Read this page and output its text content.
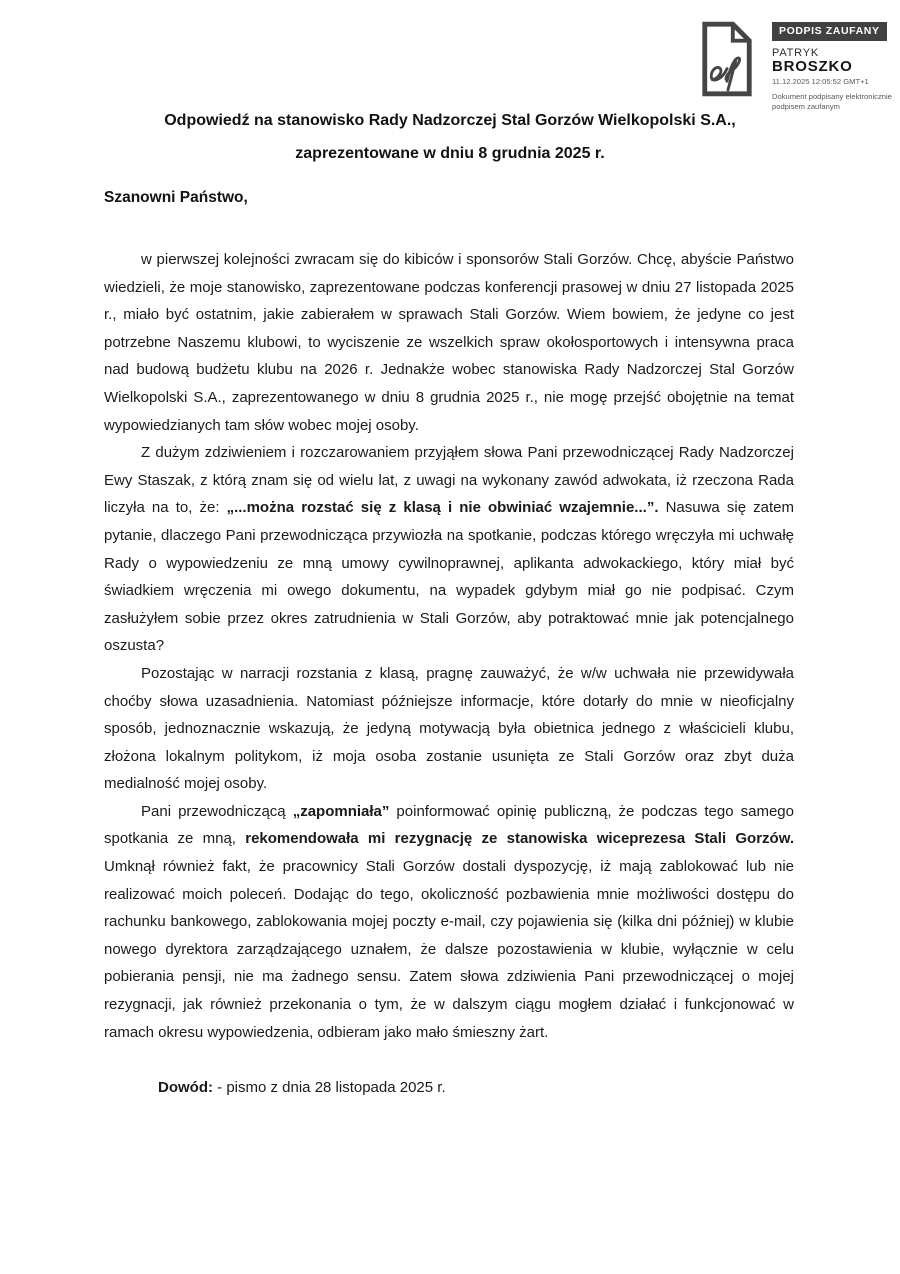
PODPIS ZAUFANY
PATRYK
BROSZKO
11.12.2025 12:05:52 GMT+1
Dokument podpisany elektronicznie
podpisem zaufanym
Odpowiedź na stanowisko Rady Nadzorczej Stal Gorzów Wielkopolski S.A.,
zaprezentowane w dniu 8 grudnia 2025 r.

Szanowni Państwo,

w pierwszej kolejności zwracam się do kibiców i sponsorów Stali Gorzów. Chcę, abyście Państwo wiedzieli, że moje stanowisko, zaprezentowane podczas konferencji prasowej w dniu 27 listopada 2025 r., miało być ostatnim, jakie zabierałem w sprawach Stali Gorzów. Wiem bowiem, że jedyne co jest potrzebne Naszemu klubowi, to wyciszenie ze wszelkich spraw okołosportowych i intensywna praca nad budową budżetu klubu na 2026 r. Jednakże wobec stanowiska Rady Nadzorczej Stal Gorzów Wielkopolski S.A., zaprezentowanego w dniu 8 grudnia 2025 r., nie mogę przejść obojętnie na temat wypowiedzianych tam słów wobec mojej osoby.

Z dużym zdziwieniem i rozczarowaniem przyjąłem słowa Pani przewodniczącej Rady Nadzorczej Ewy Staszak, z którą znam się od wielu lat, z uwagi na wykonany zawód adwokata, iż rzeczona Rada liczyła na to, że: „...można rozstać się z klasą i nie obwiniać wzajemnie...”. Nasuwa się zatem pytanie, dlaczego Pani przewodnicząca przywiozła na spotkanie, podczas którego wręczyła mi uchwałę Rady o wypowiedzeniu ze mną umowy cywilnoprawnej, aplikanta adwokackiego, który miał być świadkiem wręczenia mi owego dokumentu, na wypadek gdybym miał go nie podpisać. Czym zasłużyłem sobie przez okres zatrudnienia w Stali Gorzów, aby potraktować mnie jak potencjalnego oszusta?

Pozostając w narracji rozstania z klasą, pragnę zauważyć, że w/w uchwała nie przewidywała choćby słowa uzasadnienia. Natomiast późniejsze informacje, które dotarły do mnie w nieoficjalny sposób, jednoznacznie wskazują, że jedyną motywacją była obietnica jednego z właścicieli klubu, złożona lokalnym politykom, iż moja osoba zostanie usunięta ze Stali Gorzów oraz zbyt duża medialność mojej osoby.

Pani przewodniczącą „zapomniała” poinformować opinię publiczną, że podczas tego samego spotkania ze mną, rekomendowała mi rezygnację ze stanowiska wiceprezesa Stali Gorzów. Umknął również fakt, że pracownicy Stali Gorzów dostali dyspozycję, iż mają zablokować lub nie realizować moich poleceń. Dodając do tego, okoliczność pozbawienia mnie możliwości dostępu do rachunku bankowego, zablokowania mojej poczty e-mail, czy pojawienia się (kilka dni później) w klubie nowego dyrektora zarządzającego uznałem, że dalsze pozostawienia w klubie, wyłącznie w celu pobierania pensji, nie ma żadnego sensu. Zatem słowa zdziwienia Pani przewodniczącej o mojej rezygnacji, jak również przekonania o tym, że w dalszym ciągu mogłem działać i funkcjonować w ramach okresu wypowiedzenia, odbieram jako mało śmieszny żart.

Dowód: - pismo z dnia 28 listopada 2025 r.
